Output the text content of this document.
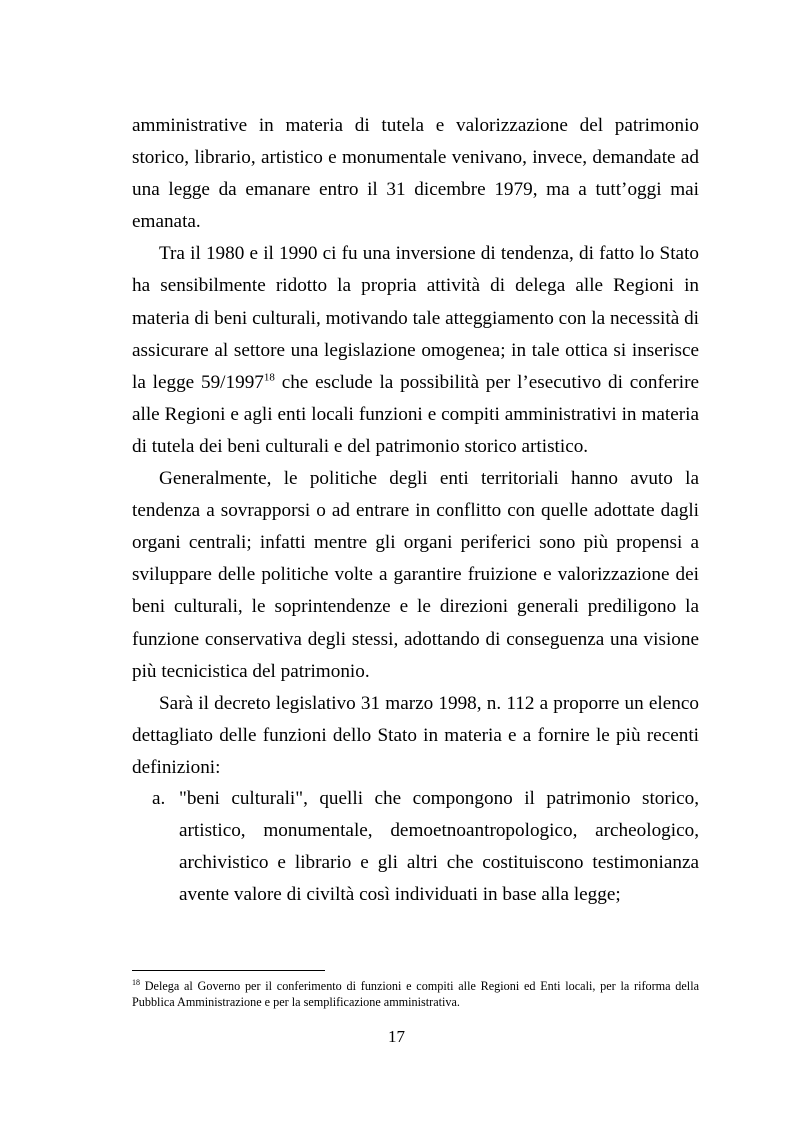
amministrative in materia di tutela e valorizzazione del patrimonio storico, librario, artistico e monumentale venivano, invece, demandate ad una legge da emanare entro il 31 dicembre 1979, ma a tutt’oggi mai emanata.

Tra il 1980 e il 1990 ci fu una inversione di tendenza, di fatto lo Stato ha sensibilmente ridotto la propria attività di delega alle Regioni in materia di beni culturali, motivando tale atteggiamento con la necessità di assicurare al settore una legislazione omogenea; in tale ottica si inserisce la legge 59/1997$^{18}$ che esclude la possibilità per l’esecutivo di conferire alle Regioni e agli enti locali funzioni e compiti amministrativi in materia di tutela dei beni culturali e del patrimonio storico artistico.

Generalmente, le politiche degli enti territoriali hanno avuto la tendenza a sovrapporsi o ad entrare in conflitto con quelle adottate dagli organi centrali; infatti mentre gli organi periferici sono più propensi a sviluppare delle politiche volte a garantire fruizione e valorizzazione dei beni culturali, le soprintendenze e le direzioni generali prediligono la funzione conservativa degli stessi, adottando di conseguenza una visione più tecnicistica del patrimonio.

Sarà il decreto legislativo 31 marzo 1998, n. 112 a proporre un elenco dettagliato delle funzioni dello Stato in materia e a fornire le più recenti definizioni:

a. "beni culturali", quelli che compongono il patrimonio storico, artistico, monumentale, demoetnoantropologico, archeologico, archivistico e librario e gli altri che costituiscono testimonianza avente valore di civiltà così individuati in base alla legge;
$^{18}$ Delega al Governo per il conferimento di funzioni e compiti alle Regioni ed Enti locali, per la riforma della Pubblica Amministrazione e per la semplificazione amministrativa.
17
